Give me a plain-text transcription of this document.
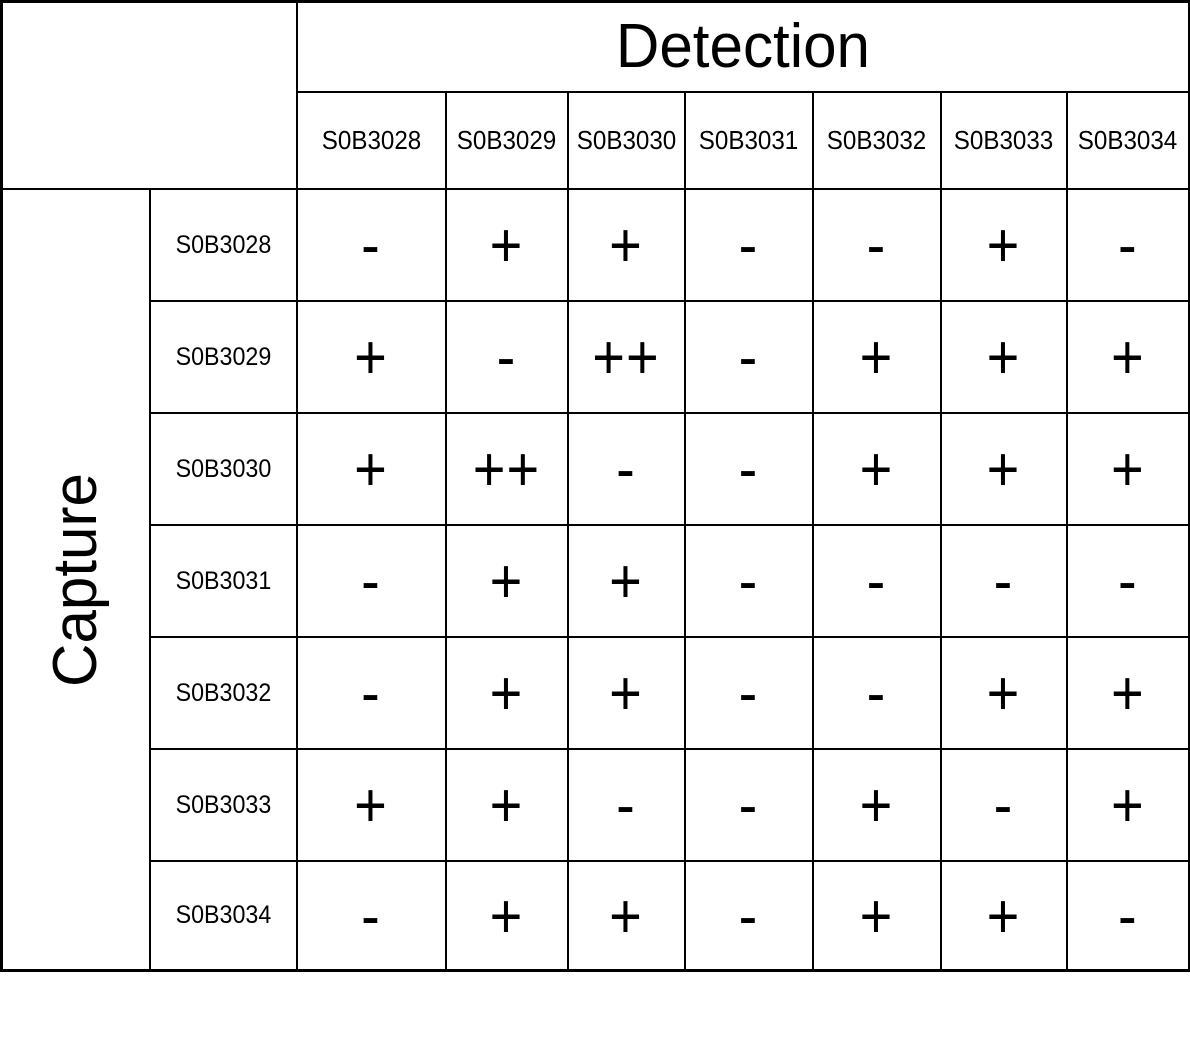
		Detection						
		S0B3028	S0B3029	S0B3030	S0B3031	S0B3032	S0B3033	S0B3034

Capture	S0B3028	-	+	+	-	-	+	-
	S0B3029	+	-	++	-	+	+	+
	S0B3030	+	++	-	-	+	+	+
	S0B3031	-	+	+	-	-	-	-
	S0B3032	-	+	+	-	-	+	+
	S0B3033	+	+	-	-	+	-	+
	S0B3034	-	+	+	-	+	+	-
